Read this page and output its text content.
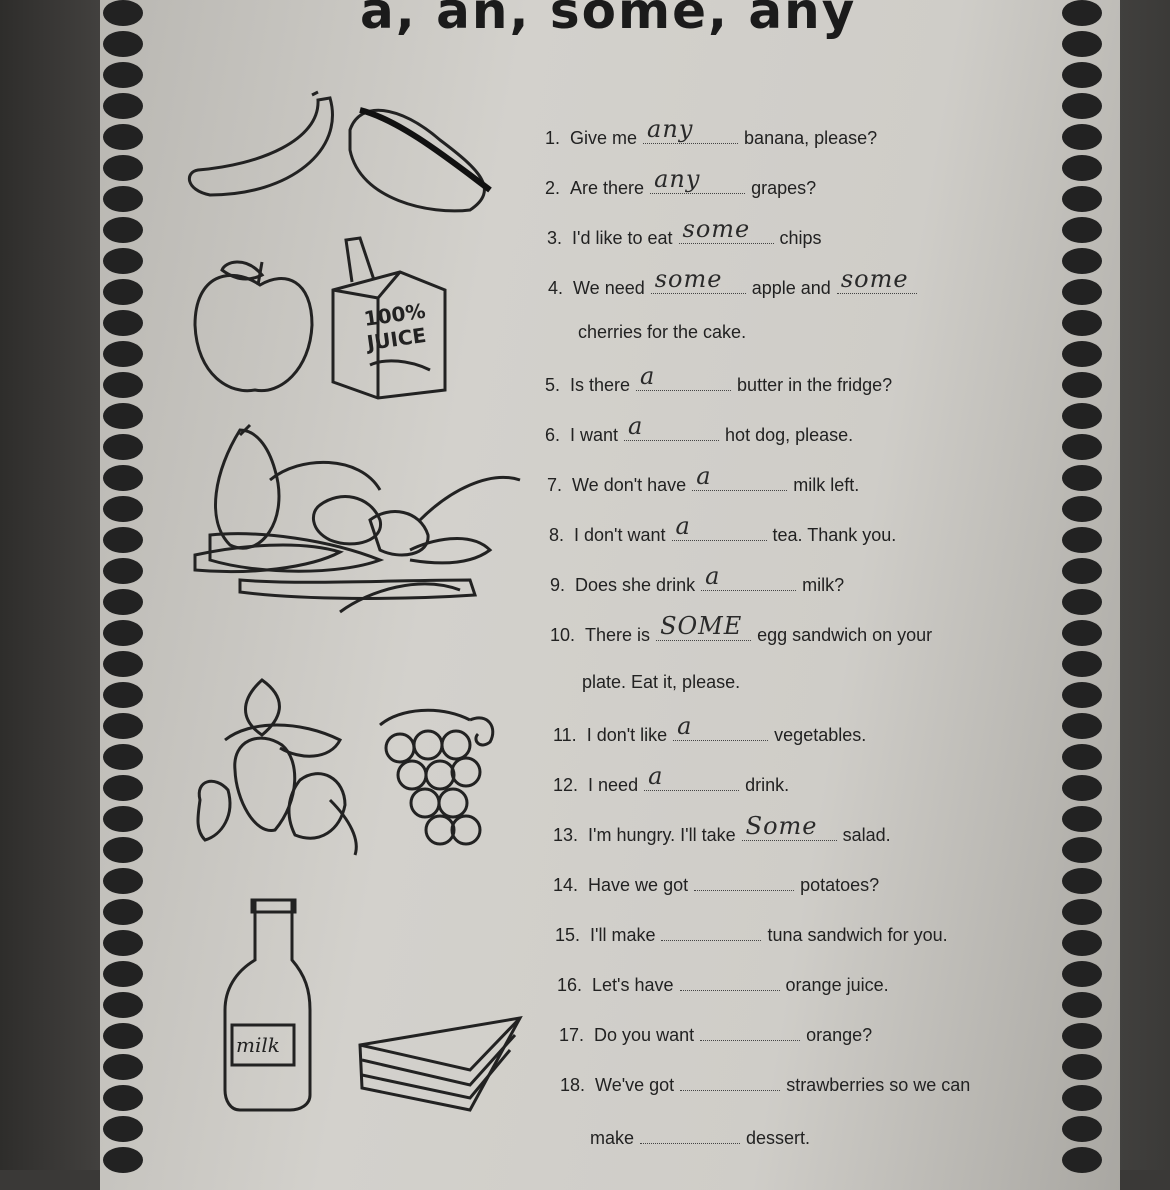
a, an, some, any
100%
JUICE
milk
1. Give me any	banana, please?
2. Are there any	grapes?
3. I'd like to eat some chips
4. We need some apple and some
cherries for the cake.
5. Is there a	butter in the fridge?
6. I want a	hot dog, please.
7. We don't have a	milk left.
8. I don't want a	tea. Thank you.
9. Does she drink a	milk?
10. There is SOME egg sandwich on your
plate. Eat it, please.
11. I don't like a	vegetables.
12. I need a	drink.
13. I'm hungry. I'll take Some salad.
14. Have we got	potatoes?
15. I'll make	tuna sandwich for you.
16. Let's have	orange juice.
17. Do you want	orange?
18. We've got	strawberries so we can
make	dessert.
